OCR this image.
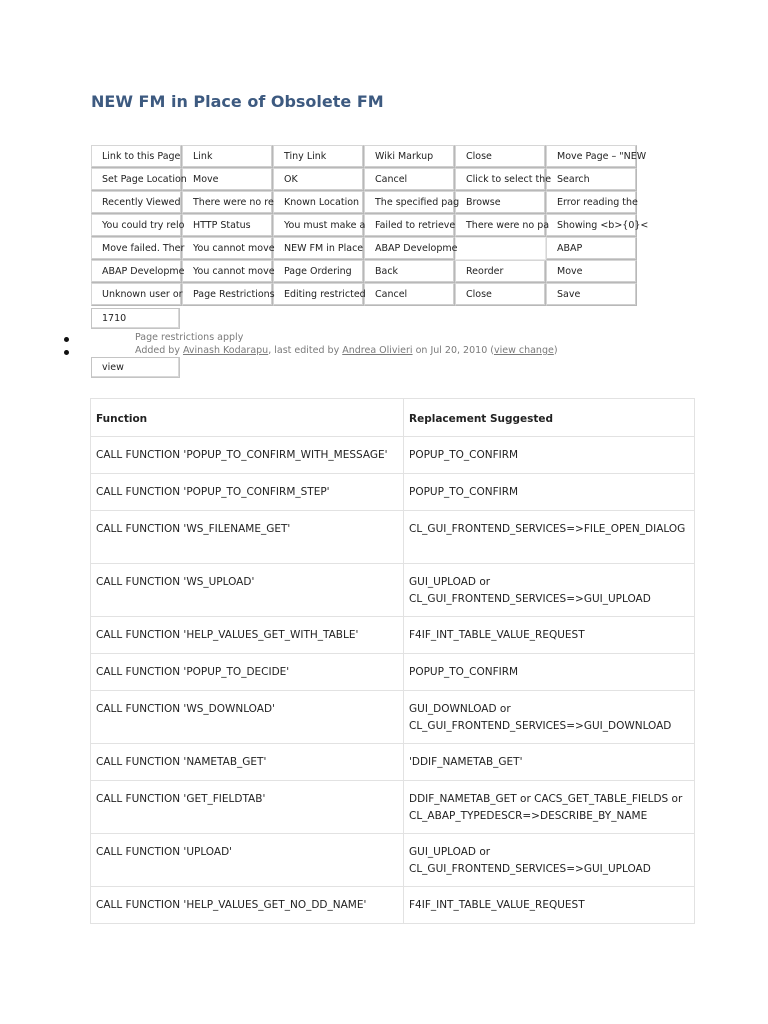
NEW FM in Place of Obsolete FM
Link to this Page	Link	Tiny Link	Wiki Markup	Close	Move Page – "NEW
Set Page Location	Move	OK	Cancel	Click to select the	Search
Recently Viewed	There were no re	Known Location	The specified pag	Browse	Error reading the
You could try relo	HTTP Status	You must make a	Failed to retrieve	There were no pa	Showing <b>{0}<
Move failed. Ther	You cannot move	NEW FM in Place	ABAP Developme		ABAP
ABAP Developme	You cannot move	Page Ordering	Back	Reorder	Move
Unknown user or	Page Restrictions	Editing restricted	Cancel	Close	Save
1710
Page restrictions apply
Added by Avinash Kodarapu, last edited by Andrea Olivieri on Jul 20, 2010 (view change)
view
Function	Replacement Suggested
CALL FUNCTION 'POPUP_TO_CONFIRM_WITH_MESSAGE'	POPUP_TO_CONFIRM
CALL FUNCTION 'POPUP_TO_CONFIRM_STEP'	POPUP_TO_CONFIRM
CALL FUNCTION 'WS_FILENAME_GET'	CL_GUI_FRONTEND_SERVICES=>FILE_OPEN_DIALOG
CALL FUNCTION 'WS_UPLOAD'	GUI_UPLOAD or
CL_GUI_FRONTEND_SERVICES=>GUI_UPLOAD
CALL FUNCTION 'HELP_VALUES_GET_WITH_TABLE'	F4IF_INT_TABLE_VALUE_REQUEST
CALL FUNCTION 'POPUP_TO_DECIDE'	POPUP_TO_CONFIRM
CALL FUNCTION 'WS_DOWNLOAD'	GUI_DOWNLOAD or
CL_GUI_FRONTEND_SERVICES=>GUI_DOWNLOAD
CALL FUNCTION 'NAMETAB_GET'	'DDIF_NAMETAB_GET'
CALL FUNCTION 'GET_FIELDTAB'	DDIF_NAMETAB_GET or CACS_GET_TABLE_FIELDS or
CL_ABAP_TYPEDESCR=>DESCRIBE_BY_NAME
CALL FUNCTION 'UPLOAD'	GUI_UPLOAD or
CL_GUI_FRONTEND_SERVICES=>GUI_UPLOAD
CALL FUNCTION 'HELP_VALUES_GET_NO_DD_NAME'	F4IF_INT_TABLE_VALUE_REQUEST
